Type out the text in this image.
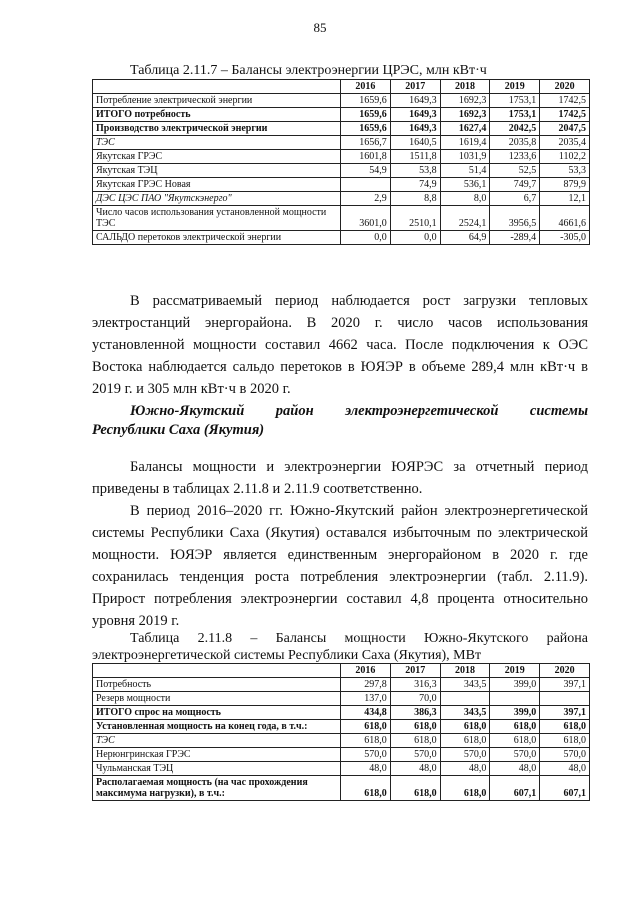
85
Таблица 2.11.7 – Балансы электроэнергии ЦРЭС, млн кВт·ч
	2016	2017	2018	2019	2020
Потребление электрической энергии	1659,6	1649,3	1692,3	1753,1	1742,5
ИТОГО потребность	1659,6	1649,3	1692,3	1753,1	1742,5
Производство электрической энергии	1659,6	1649,3	1627,4	2042,5	2047,5
ТЭС	1656,7	1640,5	1619,4	2035,8	2035,4
Якутская ГРЭС	1601,8	1511,8	1031,9	1233,6	1102,2
Якутская ТЭЦ	54,9	53,8	51,4	52,5	53,3
Якутская ГРЭС Новая		74,9	536,1	749,7	879,9
ДЭС ЦЭС ПАО "Якутскэнерго"	2,9	8,8	8,0	6,7	12,1
Число часов использования установленной мощности ТЭС	3601,0	2510,1	2524,1	3956,5	4661,6
САЛЬДО перетоков электрической энергии	0,0	0,0	64,9	-289,4	-305,0

В рассматриваемый период наблюдается рост загрузки тепловых электростанций энергорайона. В 2020 г. число часов использования установленной мощности составил 4662 часа. После подключения к ОЭС Востока наблюдается сальдо перетоков в ЮЯЭР в объеме 289,4 млн кВт·ч в 2019 г. и 305 млн кВт·ч в 2020 г.

Южно-Якутский район электроэнергетической системы
Республики Саха (Якутия)

Балансы мощности и электроэнергии ЮЯРЭС за отчетный период приведены в таблицах 2.11.8 и 2.11.9 соответственно.

В период 2016–2020 гг. Южно-Якутский район электроэнергетической системы Республики Саха (Якутия) оставался избыточным по электрической мощности. ЮЯЭР является единственным энергорайоном в 2020 г. где сохранилась тенденция роста потребления электроэнергии (табл. 2.11.9). Прирост потребления электроэнергии составил 4,8 процента относительно уровня 2019 г.

Таблица 2.11.8 – Балансы мощности Южно-Якутского района электроэнергетической системы Республики Саха (Якутия), МВт
	2016	2017	2018	2019	2020
Потребность	297,8	316,3	343,5	399,0	397,1
Резерв мощности	137,0	70,0			
ИТОГО спрос на мощность	434,8	386,3	343,5	399,0	397,1
Установленная мощность на конец года, в т.ч.:	618,0	618,0	618,0	618,0	618,0
ТЭС	618,0	618,0	618,0	618,0	618,0
Нерюнгринская ГРЭС	570,0	570,0	570,0	570,0	570,0
Чульманская ТЭЦ	48,0	48,0	48,0	48,0	48,0
Располагаемая мощность (на час прохождения максимума нагрузки), в т.ч.:	618,0	618,0	618,0	607,1	607,1
